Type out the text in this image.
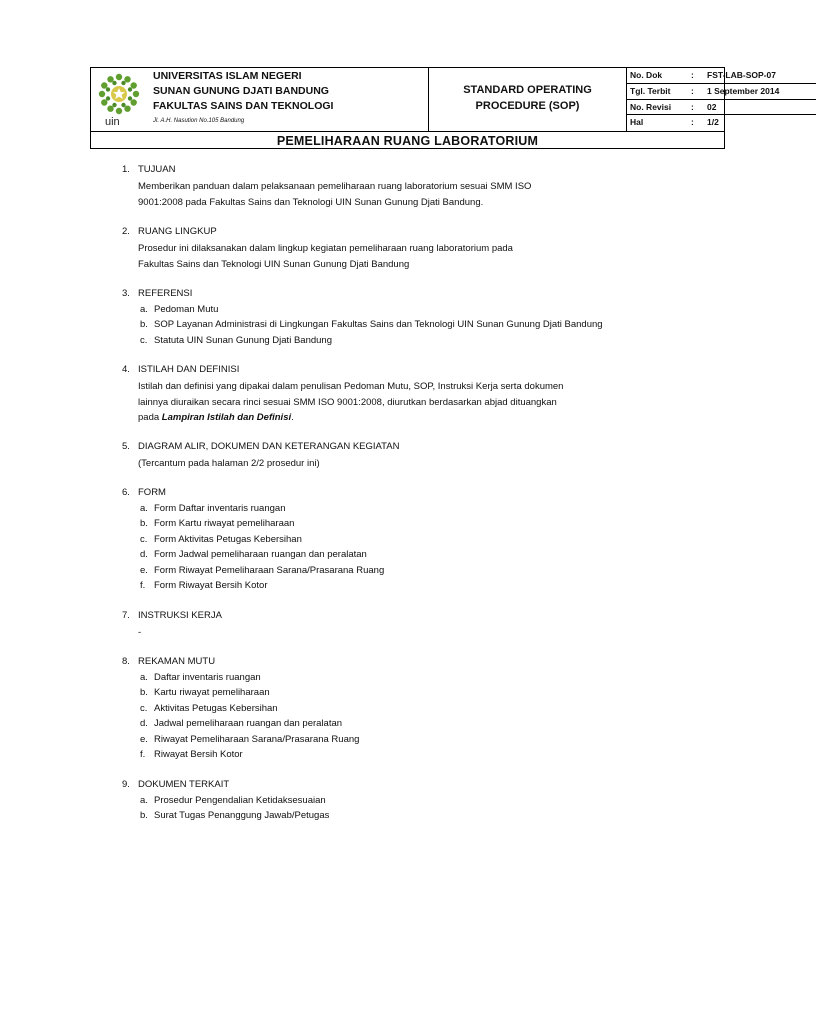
uin
UNIVERSITAS ISLAM NEGERI
SUNAN GUNUNG DJATI BANDUNG
FAKULTAS SAINS DAN TEKNOLOGI
Jl. A.H. Nasution No.105 Bandung
STANDARD OPERATING
PROCEDURE (SOP)
No. Dok	: FST-LAB-SOP-07
Tgl. Terbit : 1 September 2014
No. Revisi : 02
Hal	: 1/2
PEMELIHARAAN RUANG LABORATORIUM
1. TUJUAN
Memberikan panduan dalam pelaksanaan pemeliharaan ruang laboratorium sesuai SMM ISO
9001:2008 pada Fakultas Sains dan Teknologi UIN Sunan Gunung Djati Bandung.
2. RUANG LINGKUP
Prosedur ini dilaksanakan dalam lingkup kegiatan pemeliharaan ruang laboratorium pada
Fakultas Sains dan Teknologi UIN Sunan Gunung Djati Bandung
3. REFERENSI
a. Pedoman Mutu
b. SOP Layanan Administrasi di Lingkungan Fakultas Sains dan Teknologi UIN Sunan Gunung Djati Bandung
c. Statuta UIN Sunan Gunung Djati Bandung
4. ISTILAH DAN DEFINISI
Istilah dan definisi yang dipakai dalam penulisan Pedoman Mutu, SOP, Instruksi Kerja serta dokumen
lainnya diuraikan secara rinci sesuai SMM ISO 9001:2008, diurutkan berdasarkan abjad dituangkan
pada Lampiran Istilah dan Definisi.
5. DIAGRAM ALIR, DOKUMEN DAN KETERANGAN KEGIATAN
(Tercantum pada halaman 2/2 prosedur ini)
6. FORM
a. Form Daftar inventaris ruangan
b. Form Kartu riwayat pemeliharaan
c. Form Aktivitas Petugas Kebersihan
d. Form Jadwal pemeliharaan ruangan dan peralatan
e. Form Riwayat Pemeliharaan Sarana/Prasarana Ruang
f. Form Riwayat Bersih Kotor
7. INSTRUKSI KERJA
-
8. REKAMAN MUTU
a. Daftar inventaris ruangan
b. Kartu riwayat pemeliharaan
c. Aktivitas Petugas Kebersihan
d. Jadwal pemeliharaan ruangan dan peralatan
e. Riwayat Pemeliharaan Sarana/Prasarana Ruang
f. Riwayat Bersih Kotor
9. DOKUMEN TERKAIT
a. Prosedur Pengendalian Ketidaksesuaian
b. Surat Tugas Penanggung Jawab/Petugas
